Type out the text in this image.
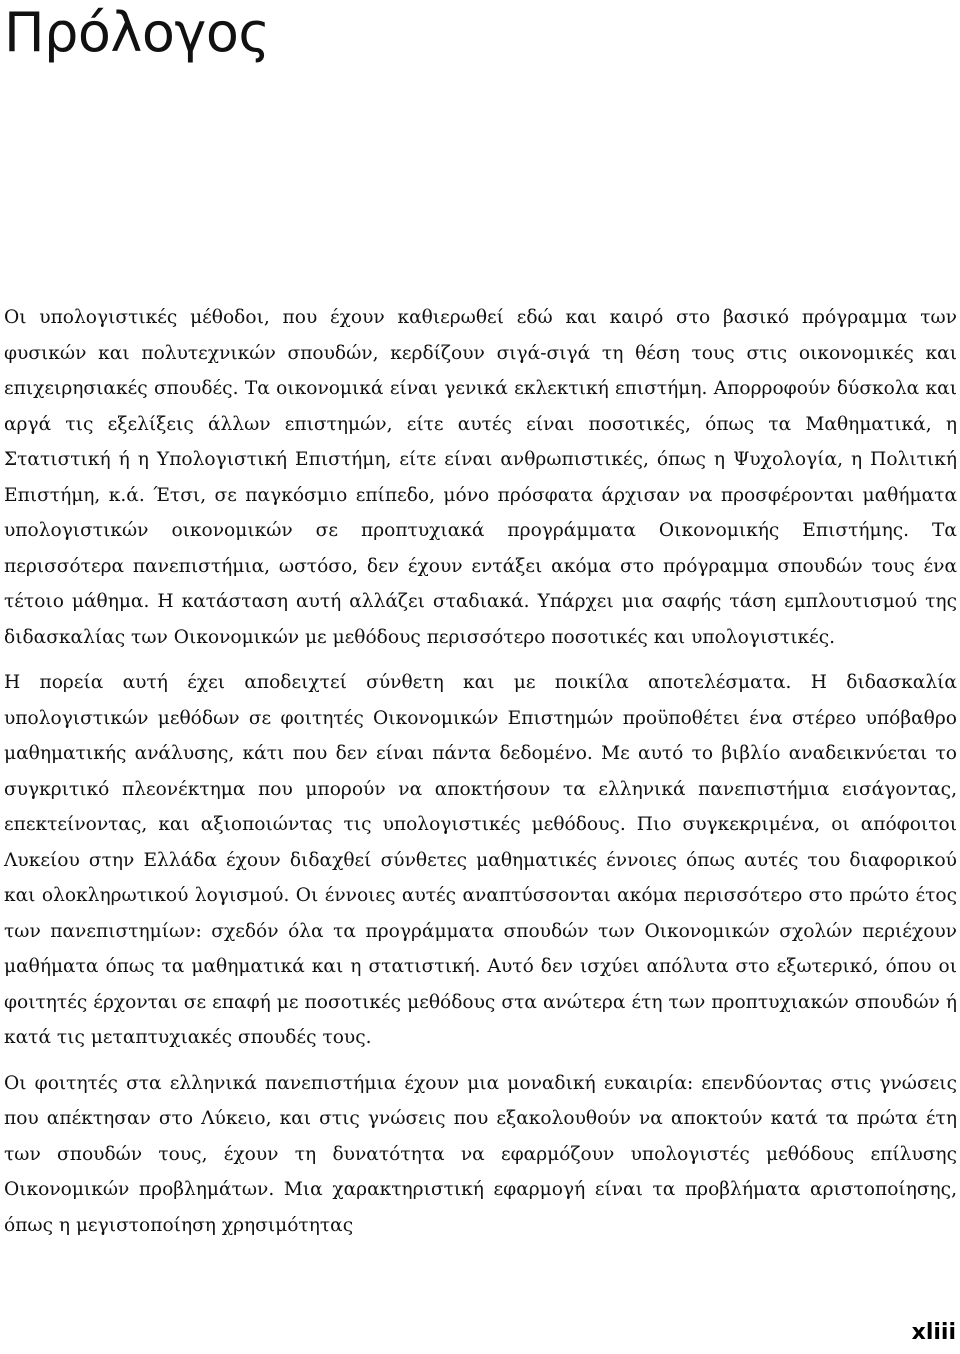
Πρόλογος

Οι υπολογιστικές μέθοδοι, που έχουν καθιερωθεί εδώ και καιρό στο βασικό πρόγραμμα των φυσικών και πολυτεχνικών σπουδών, κερδίζουν σιγά-σιγά τη θέση τους στις οικονομικές και επιχειρησιακές σπουδές. Τα οικονομικά είναι γενικά εκλεκτική επιστήμη. Απορροφούν δύσκολα και αργά τις εξελίξεις άλλων επιστημών, είτε αυτές είναι ποσοτικές, όπως τα Μαθηματικά, η Στατιστική ή η Υπολογιστική Επιστήμη, είτε είναι ανθρωπιστικές, όπως η Ψυχολογία, η Πολιτική Επιστήμη, κ.ά. Έτσι, σε παγκόσμιο επίπεδο, μόνο πρόσφατα άρχισαν να προσφέρονται μαθήματα υπολογιστικών οικονομικών σε προπτυχιακά προγράμματα Οικονομικής Επιστήμης. Τα περισσότερα πανεπιστήμια, ωστόσο, δεν έχουν εντάξει ακόμα στο πρόγραμμα σπουδών τους ένα τέτοιο μάθημα. Η κατάσταση αυτή αλλάζει σταδιακά. Υπάρχει μια σαφής τάση εμπλουτισμού της διδασκαλίας των Οικονομικών με μεθόδους περισσότερο ποσοτικές και υπολογιστικές.

Η πορεία αυτή έχει αποδειχτεί σύνθετη και με ποικίλα αποτελέσματα. Η διδασκαλία υπολογιστικών μεθόδων σε φοιτητές Οικονομικών Επιστημών προϋποθέτει ένα στέρεο υπόβαθρο μαθηματικής ανάλυσης, κάτι που δεν είναι πάντα δεδομένο. Με αυτό το βιβλίο αναδεικνύεται το συγκριτικό πλεονέκτημα που μπορούν να αποκτήσουν τα ελληνικά πανεπιστήμια εισάγοντας, επεκτείνοντας, και αξιοποιώντας τις υπολογιστικές μεθόδους. Πιο συγκεκριμένα, οι απόφοιτοι Λυκείου στην Ελλάδα έχουν διδαχθεί σύνθετες μαθηματικές έννοιες όπως αυτές του διαφορικού και ολοκληρωτικού λογισμού. Οι έννοιες αυτές αναπτύσσονται ακόμα περισσότερο στο πρώτο έτος των πανεπιστημίων: σχεδόν όλα τα προγράμματα σπουδών των Οικονομικών σχολών περιέχουν μαθήματα όπως τα μαθηματικά και η στατιστική. Αυτό δεν ισχύει απόλυτα στο εξωτερικό, όπου οι φοιτητές έρχονται σε επαφή με ποσοτικές μεθόδους στα ανώτερα έτη των προπτυχιακών σπουδών ή κατά τις μεταπτυχιακές σπουδές τους.

Οι φοιτητές στα ελληνικά πανεπιστήμια έχουν μια μοναδική ευκαιρία: επενδύοντας στις γνώσεις που απέκτησαν στο Λύκειο, και στις γνώσεις που εξακολουθούν να αποκτούν κατά τα πρώτα έτη των σπουδών τους, έχουν τη δυνατότητα να εφαρμόζουν υπολογιστές μεθόδους επίλυσης Οικονομικών προβλημάτων. Μια χαρακτηριστική εφαρμογή είναι τα προβλήματα αριστοποίησης, όπως η μεγιστοποίηση χρησιμότητας

xliii
